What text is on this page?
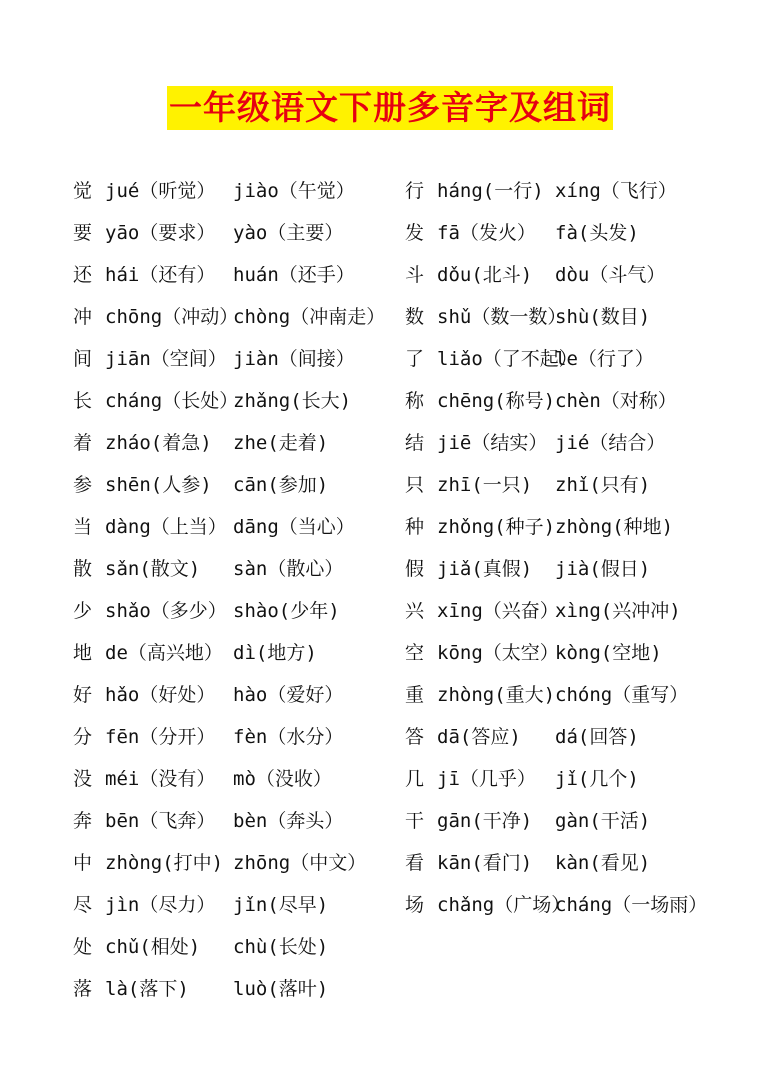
一年级语文下册多音字及组词
觉 jué（听觉） jiào（午觉）
要 yāo（要求） yào（主要）
还 hái（还有） huán（还手）
冲 chōng（冲动）
chòng（冲南走）
间 jiān（空间） jiàn（间接）
长 cháng（长处）
zhǎng(长大)
着 zháo(着急) zhe(走着)
参 shēn(人参) cān(参加)
当 dàng（上当） dāng（当心）
散 sǎn(散文) sàn（散心）
少 shǎo（多少） shào(少年)
地 de（高兴地） dì(地方)
好 hǎo（好处） hào（爱好）
分 fēn（分开） fèn（水分）
没 méi（没有） mò（没收）
奔 bēn（飞奔） bèn（奔头）
中 zhòng(打中) zhōng（中文）
尽 jìn（尽力） jǐn(尽早)
处 chǔ(相处) chù(长处)
落 là(落下) luò(落叶)
行 háng(一行) xíng（飞行）
发 fā（发火） fà(头发)
斗 dǒu(北斗) dòu（斗气）
数 shǔ（数一数）
shù(数目)
了 liǎo（了不起）
le（行了）
称 chēng(称号) chèn（对称）
结 jiē（结实） jié（结合）
只 zhī(一只) zhǐ(只有)
种 zhǒng(种子) zhòng(种地)
假 jiǎ(真假) jià(假日)
兴 xīng（兴奋）
xìng(兴冲冲)
空 kōng（太空）
kòng(空地)
重 zhòng(重大) chóng（重写）
答 dā(答应) dá(回答)
几 jī（几乎） jǐ(几个)
干 gān(干净) gàn(干活)
看 kān(看门) kàn(看见)
场 chǎng（广场）
cháng（一场雨）
